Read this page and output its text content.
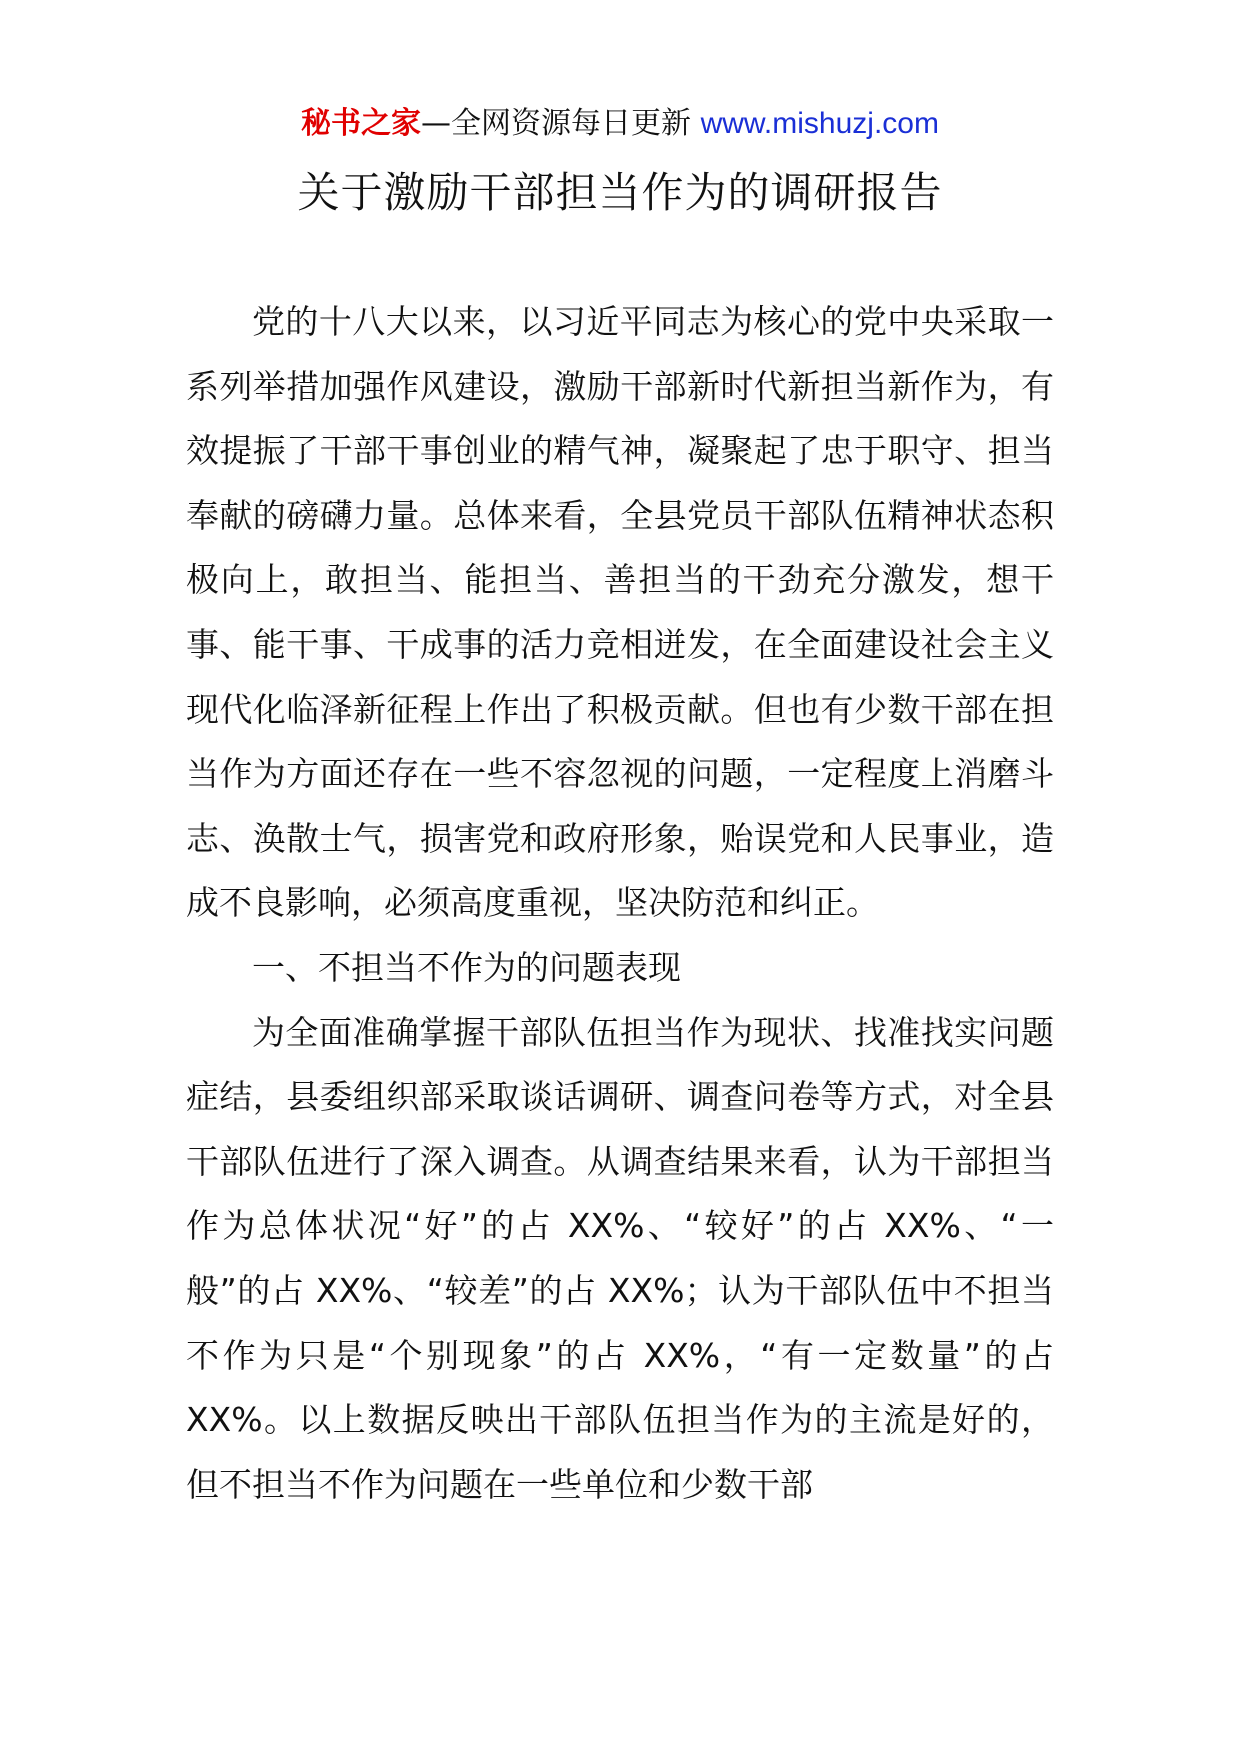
秘书之家—全网资源每日更新 www.mishuzj.com
关于激励干部担当作为的调研报告

党的十八大以来，以习近平同志为核心的党中央采取一系列举措加强作风建设，激励干部新时代新担当新作为，有效提振了干部干事创业的精气神，凝聚起了忠于职守、担当奉献的磅礴力量。总体来看，全县党员干部队伍精神状态积极向上，敢担当、能担当、善担当的干劲充分激发，想干事、能干事、干成事的活力竞相迸发，在全面建设社会主义现代化临泽新征程上作出了积极贡献。但也有少数干部在担当作为方面还存在一些不容忽视的问题，一定程度上消磨斗志、涣散士气，损害党和政府形象，贻误党和人民事业，造成不良影响，必须高度重视，坚决防范和纠正。

一、不担当不作为的问题表现

为全面准确掌握干部队伍担当作为现状、找准找实问题症结，县委组织部采取谈话调研、调查问卷等方式，对全县干部队伍进行了深入调查。从调查结果来看，认为干部担当作为总体状况“好”的占 XX%、“较好”的占 XX%、“一般”的占 XX%、“较差”的占 XX%；认为干部队伍中不担当不作为只是“个别现象”的占 XX%，“有一定数量”的占 XX%。以上数据反映出干部队伍担当作为的主流是好的，但不担当不作为问题在一些单位和少数干部
